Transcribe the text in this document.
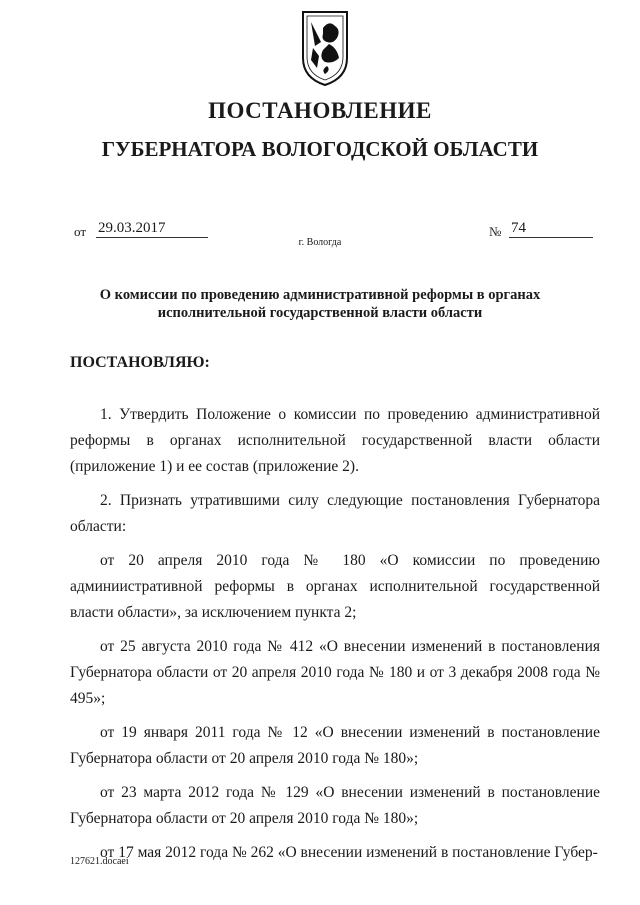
ПОСТАНОВЛЕНИЕ
ГУБЕРНАТОРА ВОЛОГОДСКОЙ ОБЛАСТИ
от 29.03.2017	№ 74
г. Вологда
О комиссии по проведению административной реформы в органах исполнительной государственной власти области
ПОСТАНОВЛЯЮ:

1. Утвердить Положение о комиссии по проведению административной реформы в органах исполнительной государственной власти области (приложение 1) и ее состав (приложение 2).

2. Признать утратившими силу следующие постановления Губернатора области:

от 20 апреля 2010 года № 180 «О комиссии по проведению админиистративной реформы в органах исполнительной государственной власти области», за исключением пункта 2;

от 25 августа 2010 года № 412 «О внесении изменений в постановления Губернатора области от 20 апреля 2010 года № 180 и от 3 декабря 2008 года № 495»;

от 19 января 2011 года № 12 «О внесении изменений в постановление Губернатора области от 20 апреля 2010 года № 180»;

от 23 марта 2012 года № 129 «О внесении изменений в постановление Губернатора области от 20 апреля 2010 года № 180»;

от 17 мая 2012 года № 262 «О внесении изменений в постановление Губер-

127621.docaei
